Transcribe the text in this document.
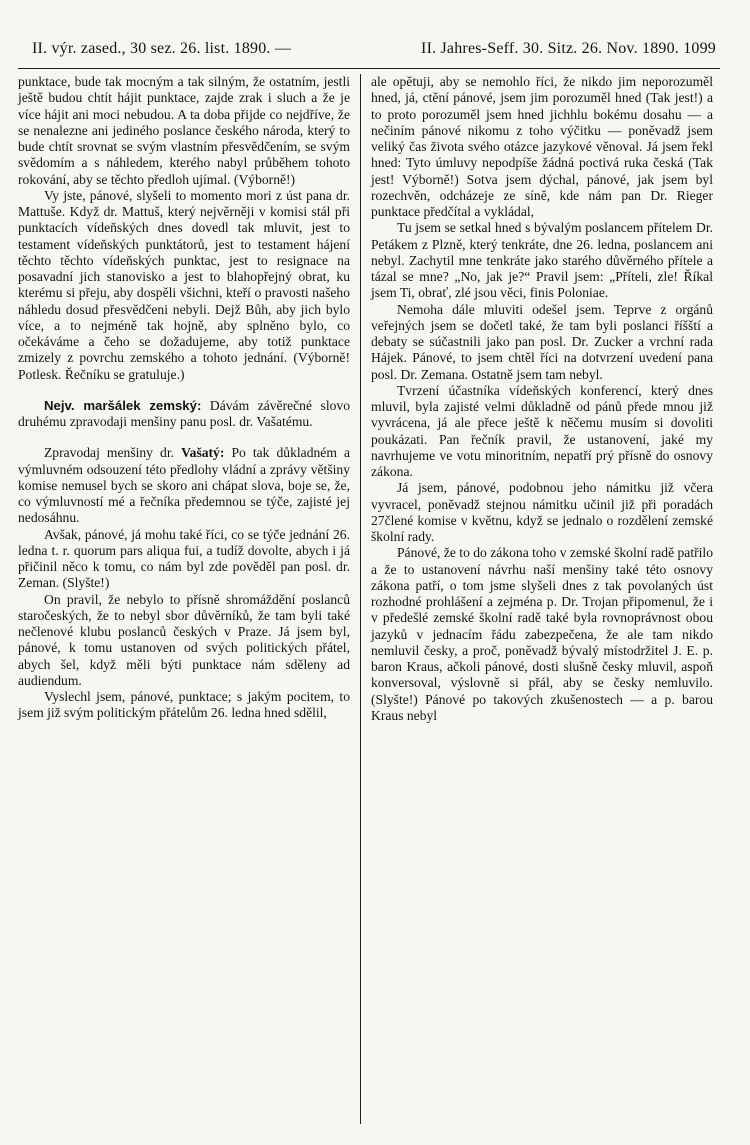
II. výr. zased., 30 sez. 26. list. 1890. —	II. Jahres-Seff. 30. Sitz. 26. Nov. 1890. 1099

punktace, bude tak mocným a tak silným, že ostatním, jestli ještě budou chtít hájit punktace, zajde zrak i sluch a že je více hájit ani moci nebudou. A ta doba přijde co nejdříve, že se nenalezne ani jediného poslance českého národa, který to bude chtít srovnat se svým vlastním přesvědčením, se svým svědomím a s náhledem, kterého nabyl průběhem tohoto rokování, aby se těchto předloh ujímal. (Výborně!)

Vy jste, pánové, slyšeli to momento mori z úst pana dr. Mattuše. Když dr. Mattuš, který nejvěrněji v komisi stál při punktacích vídeňských dnes dovedl tak mluvit, jest to testament vídeňských punktátorů, jest to testament hájení těchto těchto vídeňských punktac, jest to resignace na posavadní jich stanovisko a jest to blahopřejný obrat, ku kterému si přeju, aby dospěli všichni, kteří o pravosti našeho náhledu dosud přesvědčeni nebyli. Dejž Bůh, aby jich bylo více, a to nejméně tak hojně, aby splněno bylo, co očekáváme a čeho se dožadujeme, aby totiž punktace zmizely z povrchu zemského a tohoto jednání. (Výborně! Potlesk. Řečníku se gratuluje.)

Nejv. maršálek zemský: Dávám závěrečné slovo druhému zpravodaji menšiny panu posl. dr. Vašatému.

Zpravodaj menšiny dr. Vašatý: Po tak důkladném a výmluvném odsouzení této předlohy vládní a zprávy většiny komise nemusel bych se skoro ani chápat slova, boje se, že, co výmluvností mé a řečníka předemnou se týče, zajisté jej nedosáhnu.

Avšak, pánové, já mohu také říci, co se týče jednání 26. ledna t. r. quorum pars aliqua fui, a tudíž dovolte, abych i já přičinil něco k tomu, co nám byl zde pověděl pan posl. dr. Zeman. (Slyšte!)

On pravil, že nebylo to přísně shromáždění poslanců staročeských, že to nebyl sbor důvěrníků, že tam byli také nečlenové klubu poslanců českých v Praze. Já jsem byl, pánové, k tomu ustanoven od svých politických přátel, abych šel, když měli býti punktace nám sděleny ad audiendum.

Vyslechl jsem, pánové, punktace; s jakým pocitem, to jsem již svým politickým přátelům 26. ledna hned sdělil,

ale opětuji, aby se nemohlo říci, že nikdo jim neporozuměl hned, já, ctění pánové, jsem jim porozuměl hned (Tak jest!) a to proto porozuměl jsem hned jichhlu bokému dosahu — a nečiním pánové nikomu z toho výčitku — poněvadž jsem veliký čas života svého otázce jazykové věnoval. Já jsem řekl hned: Tyto úmluvy nepodpíše žádná poctivá ruka česká (Tak jest! Výborně!) Sotva jsem dýchal, pánové, jak jsem byl rozechvěn, odcházeje ze síně, kde nám pan Dr. Rieger punktace předčítal a vykládal,

Tu jsem se setkal hned s bývalým poslancem přítelem Dr. Petákem z Plzně, který tenkráte, dne 26. ledna, poslancem ani nebyl. Zachytil mne tenkráte jako starého důvěrného přítele a tázal se mne? „No, jak je?“ Pravil jsem: „Příteli, zle! Říkal jsem Ti, obrať, zlé jsou věci, finis Poloniae.

Nemoha dále mluviti odešel jsem. Teprve z orgánů veřejných jsem se dočetl také, že tam byli poslanci říšští a debaty se súčastnili jako pan posl. Dr. Zucker a vrchní rada Hájek. Pánové, to jsem chtěl říci na dotvrzení uvedení pana posl. Dr. Zemana. Ostatně jsem tam nebyl.

Tvrzení účastníka vídeňských konferencí, který dnes mluvil, byla zajisté velmi důkladně od pánů přede mnou již vyvrácena, já ale přece ještě k něčemu musím si dovoliti poukázati. Pan řečník pravil, že ustanovení, jaké my navrhujeme ve votu minoritním, nepatří prý přísně do osnovy zákona.

Já jsem, pánové, podobnou jeho námitku již včera vyvracel, poněvadž stejnou námitku učinil již při poradách 27člené komise v květnu, když se jednalo o rozdělení zemské školní rady.

Pánové, že to do zákona toho v zemské školní radě patřilo a že to ustanovení návrhu naší menšiny také této osnovy zákona patří, o tom jsme slyšeli dnes z tak povolaných úst rozhodné prohlášení a zejména p. Dr. Trojan připomenul, že i v předešlé zemské školní radě také byla rovnoprávnost obou jazyků v jednacím řádu zabezpečena, že ale tam nikdo nemluvil česky, a proč, poněvadž bývalý místodržitel J. E. p. baron Kraus, ačkoli pánové, dosti slušně česky mluvil, aspoň konversoval, výslovně si přál, aby se česky nemluvilo. (Slyšte!) Pánové po takových zkušenostech — a p. barou Kraus nebyl
